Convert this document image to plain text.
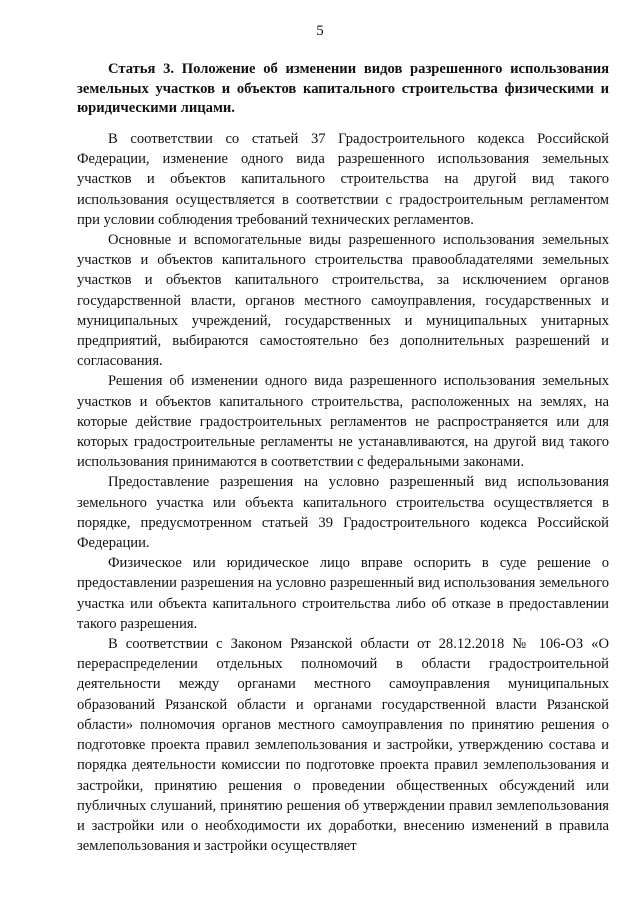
5

Статья 3. Положение об изменении видов разрешенного использования земельных участков и объектов капитального строительства физическими и юридическими лицами.

В соответствии со статьей 37 Градостроительного кодекса Российской Федерации, изменение одного вида разрешенного использования земельных участков и объектов капитального строительства на другой вид такого использования осуществляется в соответствии с градостроительным регламентом при условии соблюдения требований технических регламентов.

Основные и вспомогательные виды разрешенного использования земельных участков и объектов капитального строительства правообладателями земельных участков и объектов капитального строительства, за исключением органов государственной власти, органов местного самоуправления, государственных и муниципальных учреждений, государственных и муниципальных унитарных предприятий, выбираются самостоятельно без дополнительных разрешений и согласования.

Решения об изменении одного вида разрешенного использования земельных участков и объектов капитального строительства, расположенных на землях, на которые действие градостроительных регламентов не распространяется или для которых градостроительные регламенты не устанавливаются, на другой вид такого использования принимаются в соответствии с федеральными законами.

Предоставление разрешения на условно разрешенный вид использования земельного участка или объекта капитального строительства осуществляется в порядке, предусмотренном статьей 39 Градостроительного кодекса Российской Федерации.

Физическое или юридическое лицо вправе оспорить в суде решение о предоставлении разрешения на условно разрешенный вид использования земельного участка или объекта капитального строительства либо об отказе в предоставлении такого разрешения.

В соответствии с Законом Рязанской области от 28.12.2018 № 106-ОЗ «О перераспределении отдельных полномочий в области градостроительной деятельности между органами местного самоуправления муниципальных образований Рязанской области и органами государственной власти Рязанской области» полномочия органов местного самоуправления по принятию решения о подготовке проекта правил землепользования и застройки, утверждению состава и порядка деятельности комиссии по подготовке проекта правил землепользования и застройки, принятию решения о проведении общественных обсуждений или публичных слушаний, принятию решения об утверждении правил землепользования и застройки или о необходимости их доработки, внесению изменений в правила землепользования и застройки осуществляет
